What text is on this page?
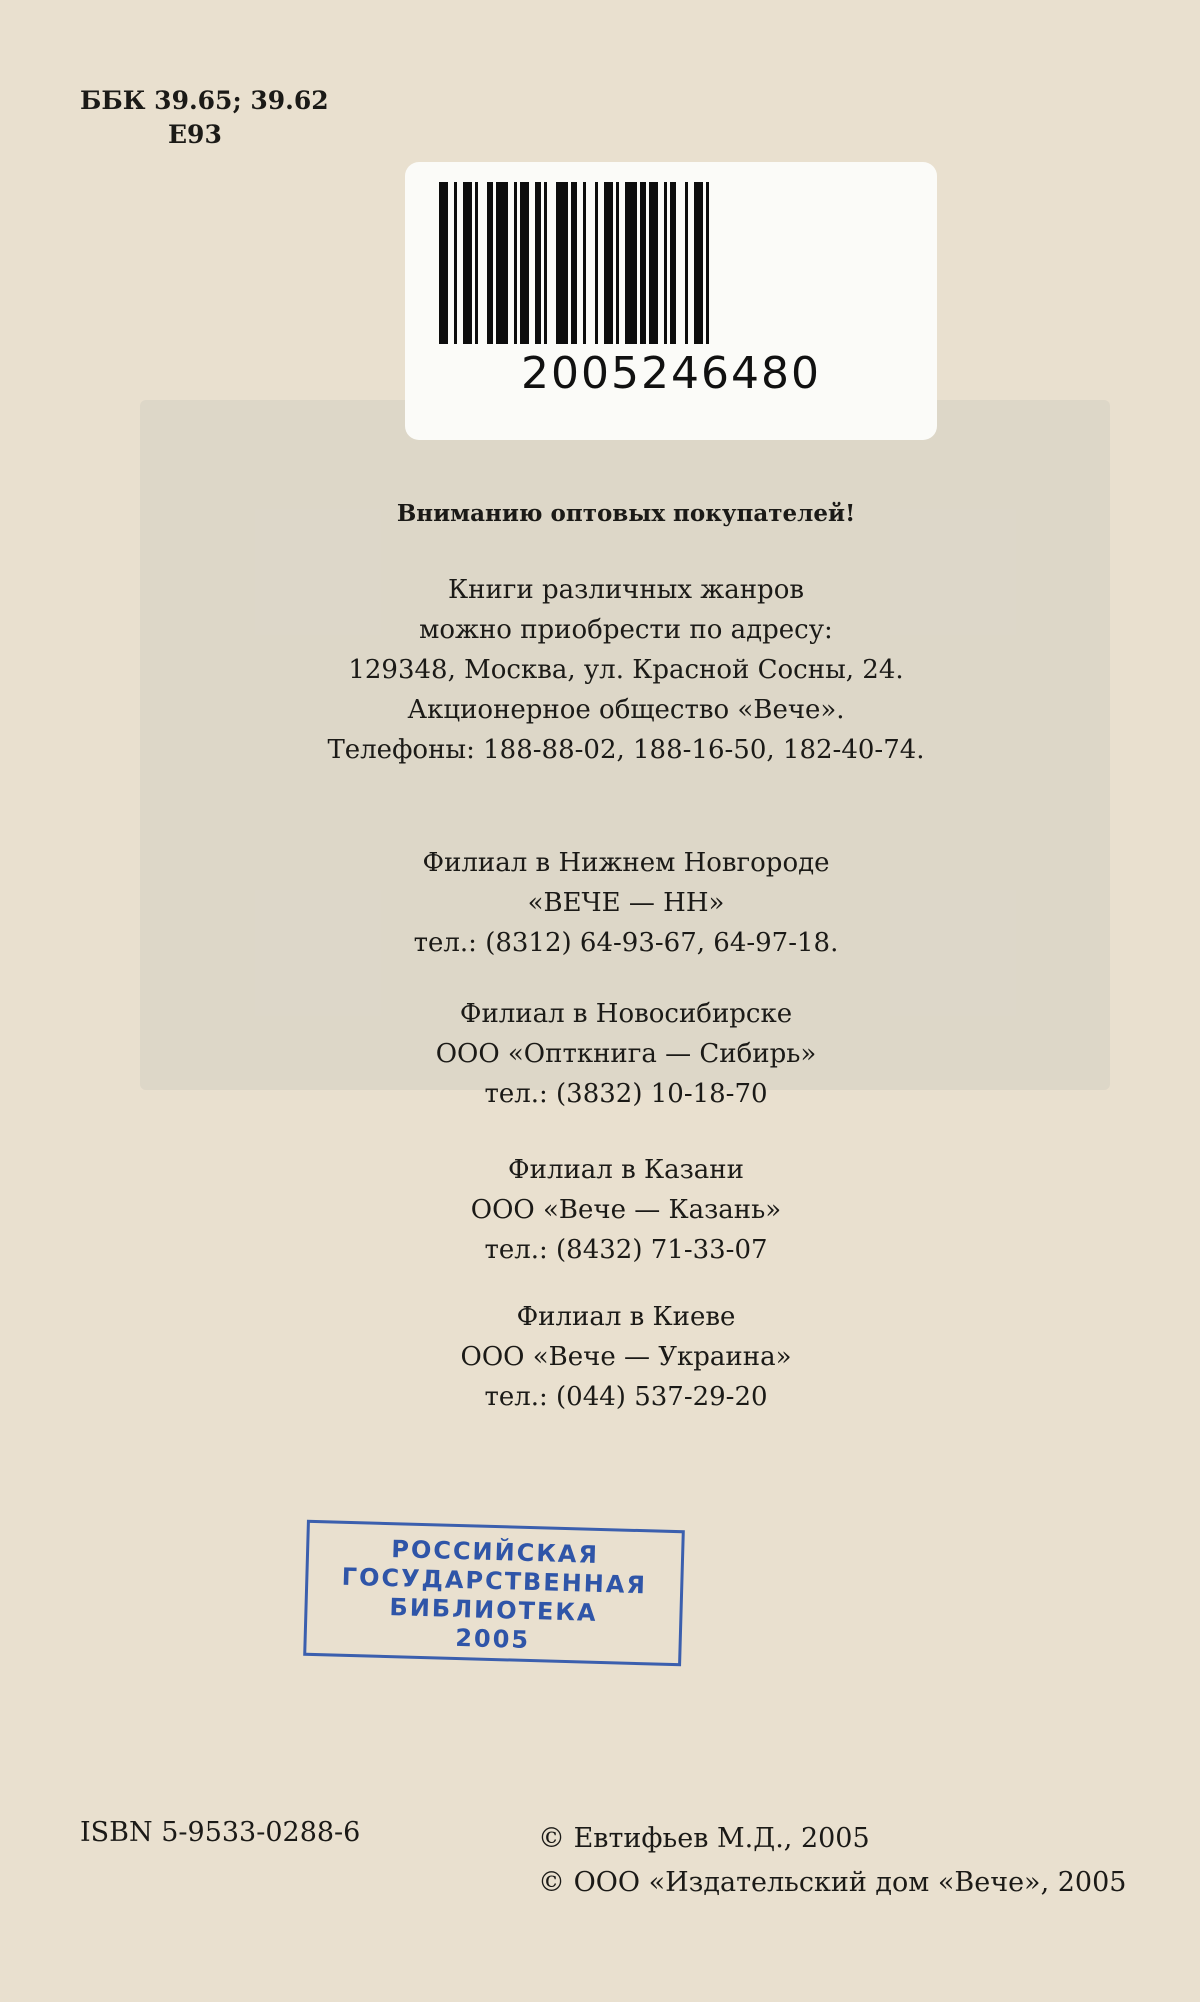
ББК 39.65; 39.62
Е93
2005246480
Вниманию оптовых покупателей!
Книги различных жанров
можно приобрести по адресу:
129348, Москва, ул. Красной Сосны, 24.
Акционерное общество «Вече».
Телефоны: 188-88-02, 188-16-50, 182-40-74.
Филиал в Нижнем Новгороде
«ВЕЧЕ — НН»
тел.: (8312) 64-93-67, 64-97-18.
Филиал в Новосибирске
ООО «Опткнига — Сибирь»
тел.: (3832) 10-18-70
Филиал в Казани
ООО «Вече — Казань»
тел.: (8432) 71-33-07
Филиал в Киеве
ООО «Вече — Украина»
тел.: (044) 537-29-20
РОССИЙСКАЯ
ГОСУДАРСТВЕННАЯ
БИБЛИОТЕКА
2005
ISBN 5-9533-0288-6	© Евтифьев М.Д., 2005
© ООО «Издательский дом «Вече», 2005
